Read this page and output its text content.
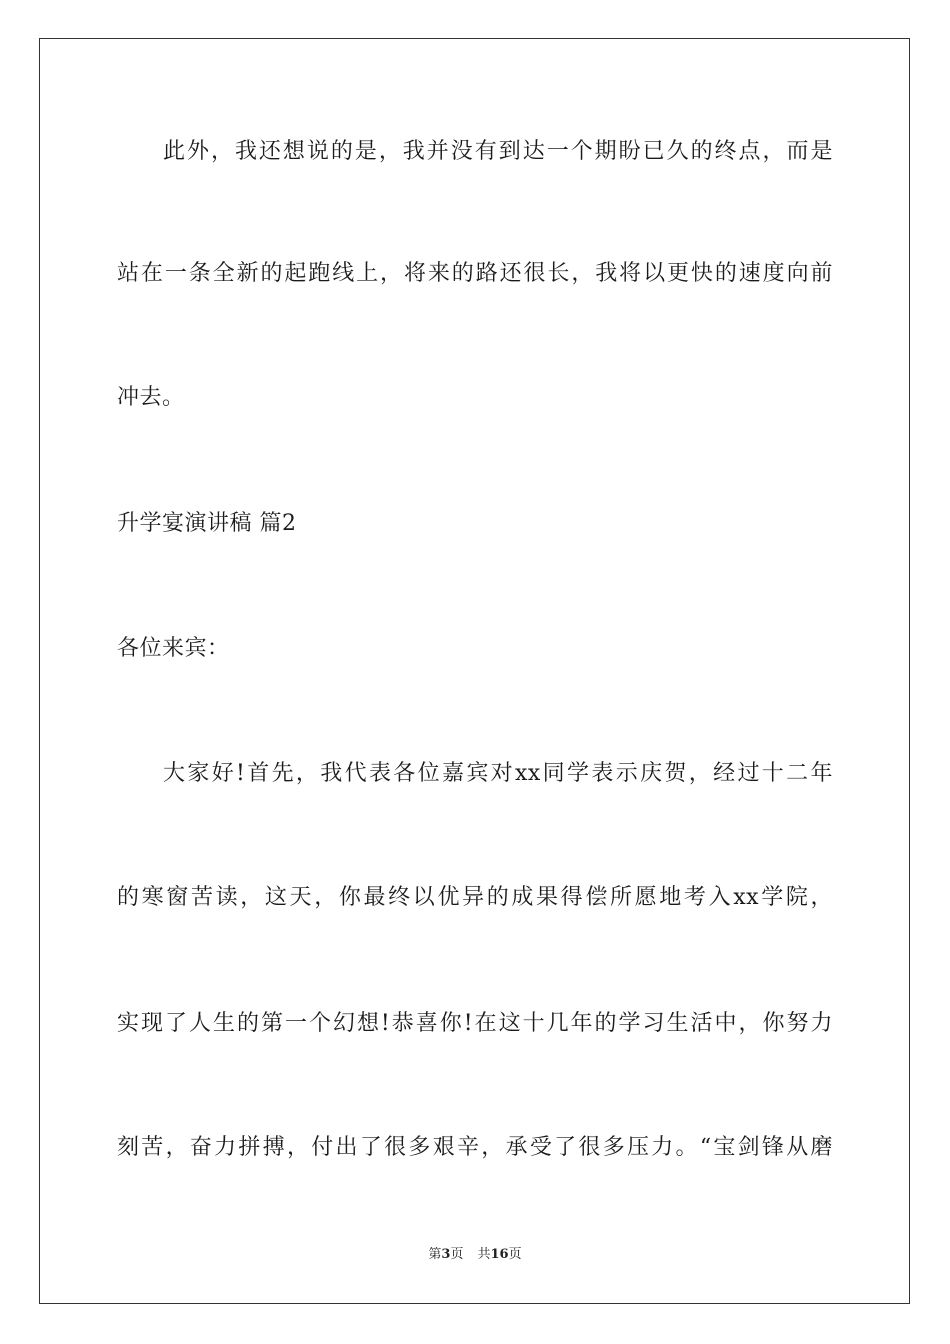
此外，我还想说的是，我并没有到达一个期盼已久的终点，而是
站在一条全新的起跑线上，将来的路还很长，我将以更快的速度向前
冲去。
升学宴演讲稿 篇2
各位来宾：
大家好!首先，我代表各位嘉宾对xx同学表示庆贺，经过十二年
的寒窗苦读，这天，你最终以优异的成果得偿所愿地考入xx学院，
实现了人生的第一个幻想!恭喜你!在这十几年的学习生活中，你努力
刻苦，奋力拼搏，付出了很多艰辛，承受了很多压力。“宝剑锋从磨
第3页 共16页
